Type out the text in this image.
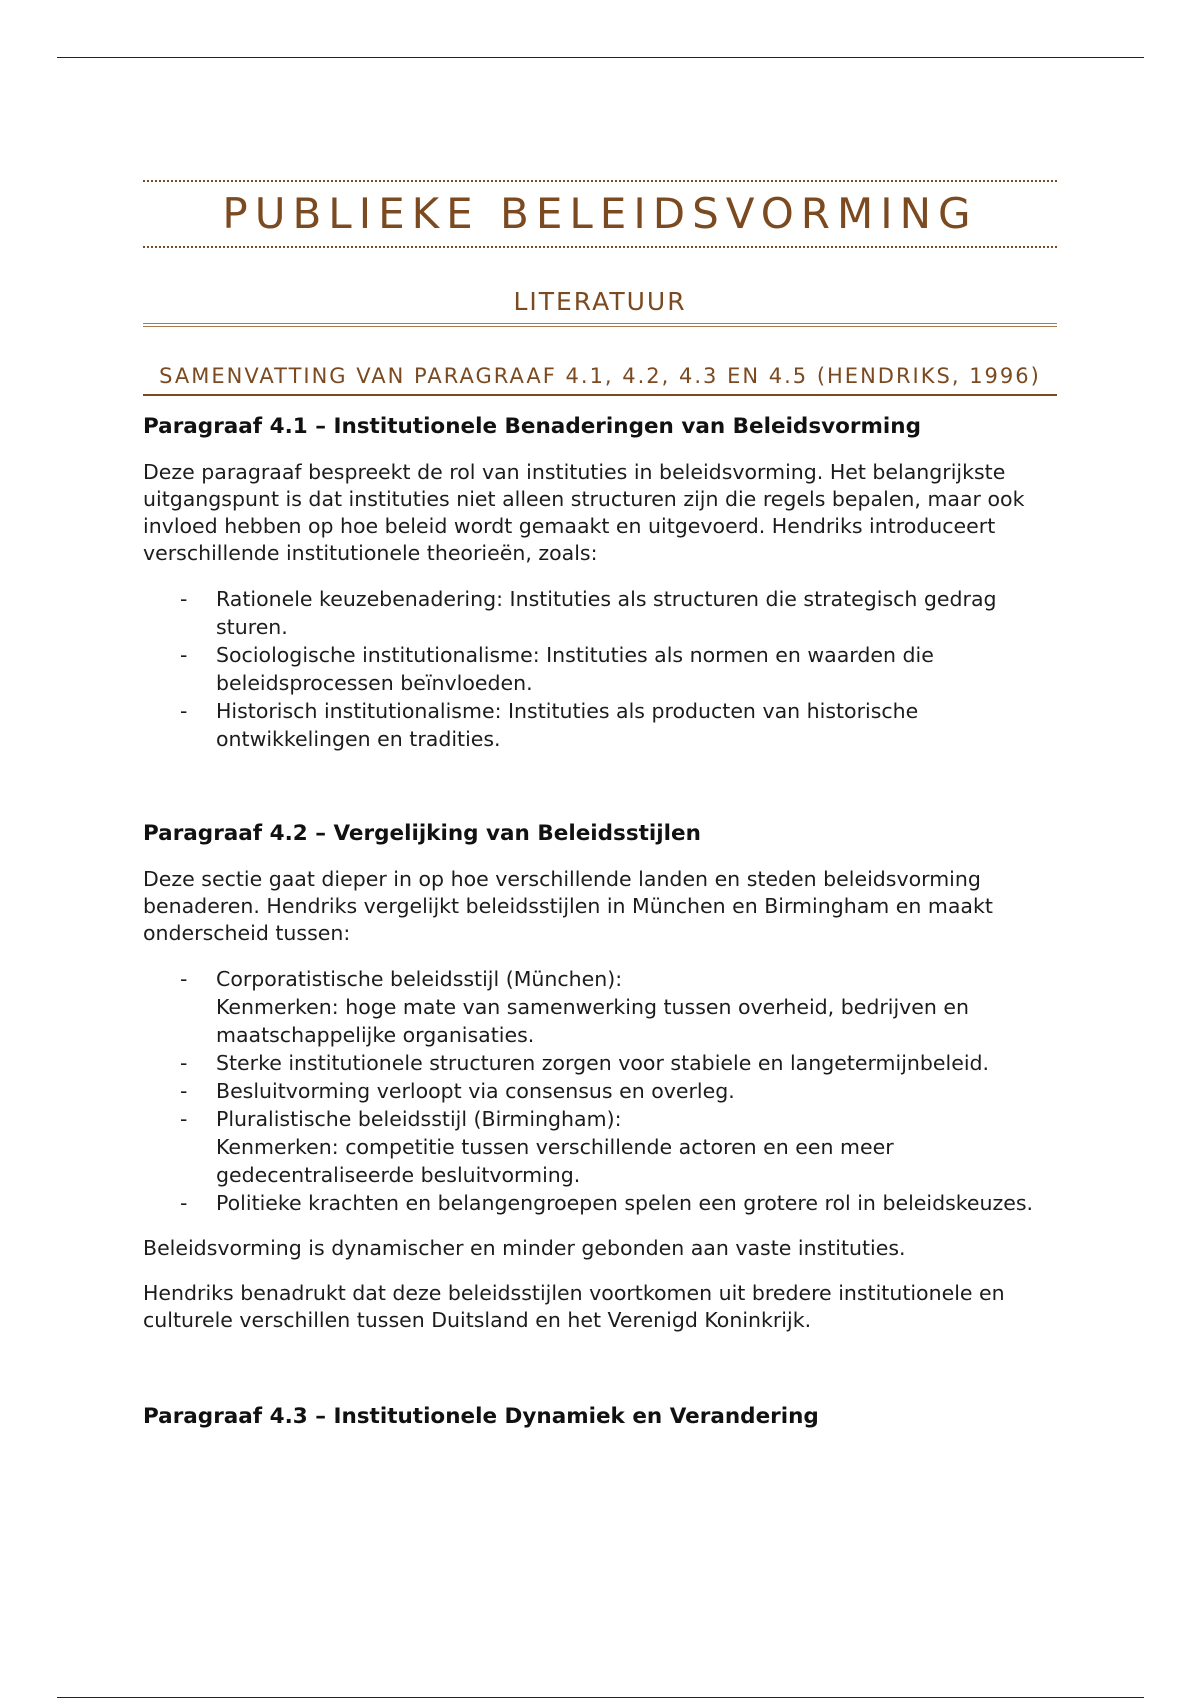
PUBLIEKE BELEIDSVORMING
LITERATUUR
SAMENVATTING VAN PARAGRAAF 4.1, 4.2, 4.3 EN 4.5 (HENDRIKS, 1996)
Paragraaf 4.1 – Institutionele Benaderingen van Beleidsvorming

Deze paragraaf bespreekt de rol van instituties in beleidsvorming. Het belangrijkste uitgangspunt is dat instituties niet alleen structuren zijn die regels bepalen, maar ook invloed hebben op hoe beleid wordt gemaakt en uitgevoerd. Hendriks introduceert verschillende institutionele theorieën, zoals:

- Rationele keuzebenadering: Instituties als structuren die strategisch gedrag sturen.
- Sociologische institutionalisme: Instituties als normen en waarden die beleidsprocessen beïnvloeden.
- Historisch institutionalisme: Instituties als producten van historische ontwikkelingen en tradities.
Paragraaf 4.2 – Vergelijking van Beleidsstijlen

Deze sectie gaat dieper in op hoe verschillende landen en steden beleidsvorming benaderen. Hendriks vergelijkt beleidsstijlen in München en Birmingham en maakt onderscheid tussen:

- Corporatistische beleidsstijl (München):
Kenmerken: hoge mate van samenwerking tussen overheid, bedrijven en maatschappelijke organisaties.
- Sterke institutionele structuren zorgen voor stabiele en langetermijnbeleid.
- Besluitvorming verloopt via consensus en overleg.
- Pluralistische beleidsstijl (Birmingham):
Kenmerken: competitie tussen verschillende actoren en een meer gedecentraliseerde besluitvorming.
- Politieke krachten en belangengroepen spelen een grotere rol in beleidskeuzes.

Beleidsvorming is dynamischer en minder gebonden aan vaste instituties.

Hendriks benadrukt dat deze beleidsstijlen voortkomen uit bredere institutionele en culturele verschillen tussen Duitsland en het Verenigd Koninkrijk.

Paragraaf 4.3 – Institutionele Dynamiek en Verandering
